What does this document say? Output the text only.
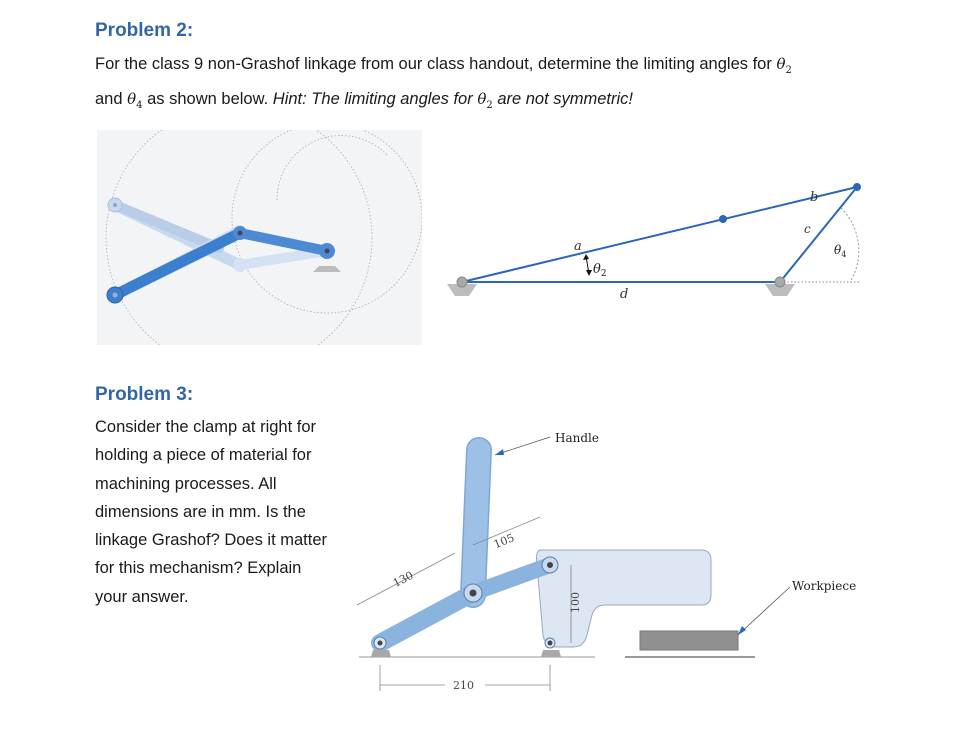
Problem 2:
For the class 9 non-Grashof linkage from our class handout, determine the limiting angles for $\theta_2$
and $\theta_4$ as shown below. Hint: The limiting angles for $\theta_2$ are not symmetric!
a
b
c
d
$\theta_2$
$\theta_4$
Problem 3:
Consider the clamp at right for holding a piece of material for machining processes. All dimensions are in mm. Is the linkage Grashof? Does it matter for this mechanism? Explain your answer.
130
105
100
210
Handle
Workpiece
